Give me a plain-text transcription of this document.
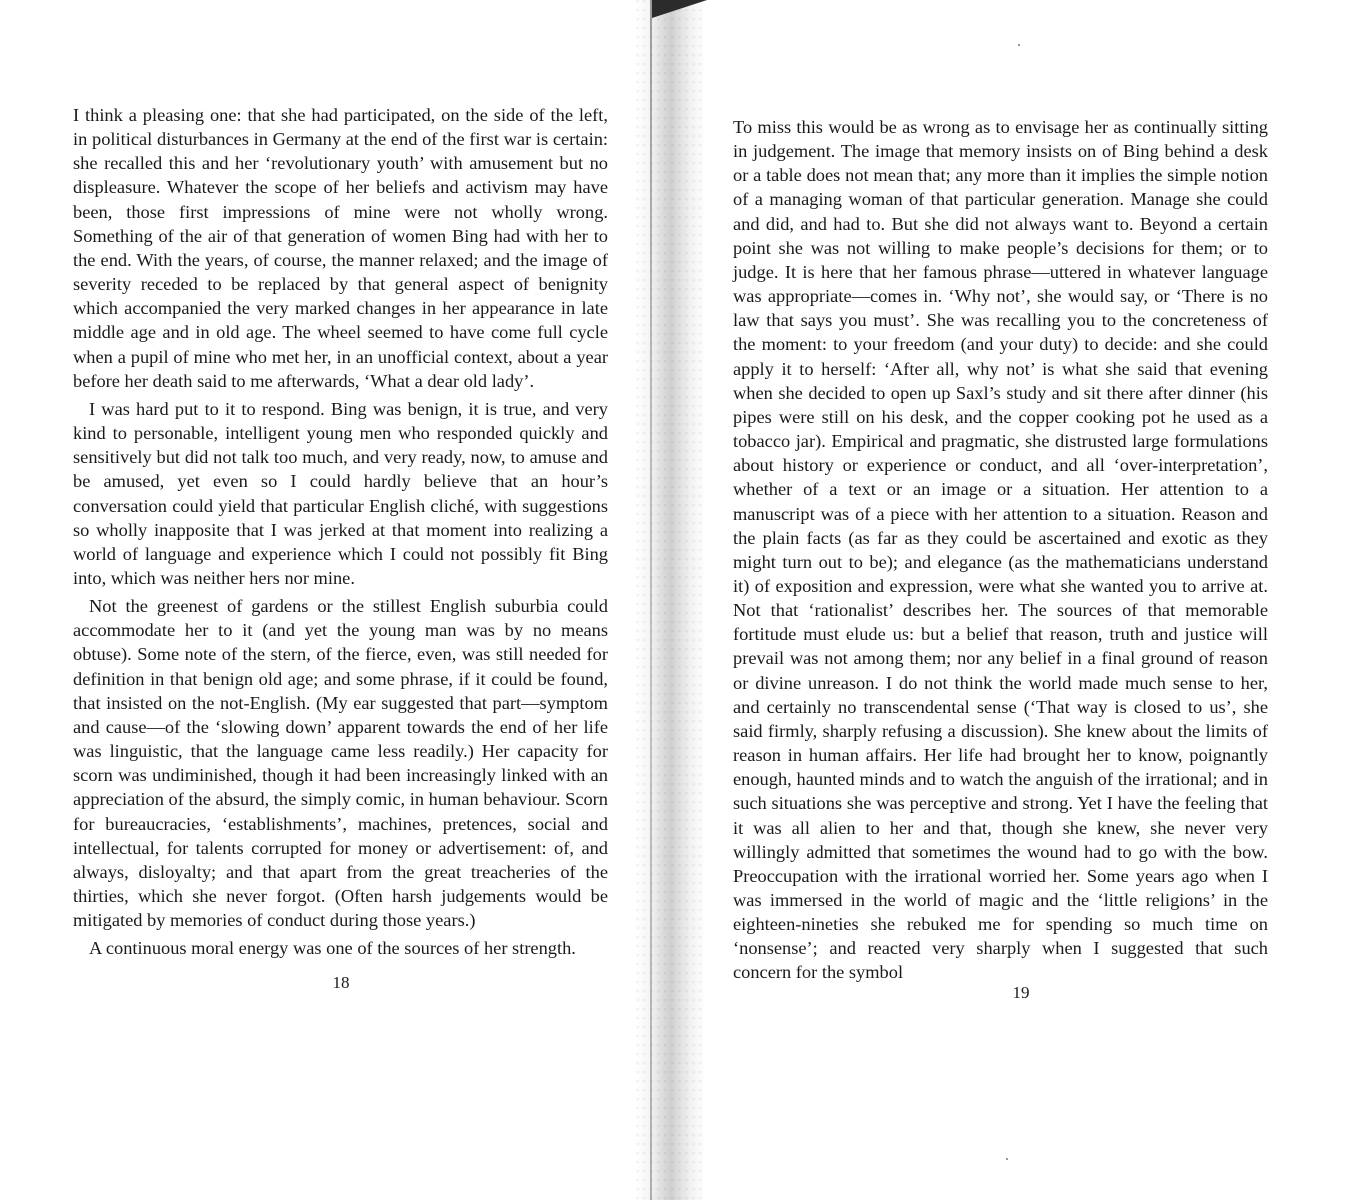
I think a pleasing one: that she had participated, on the side of the left, in political disturbances in Germany at the end of the first war is certain: she recalled this and her ‘revolutionary youth’ with amusement but no displeasure. Whatever the scope of her beliefs and activism may have been, those first impressions of mine were not wholly wrong. Something of the air of that generation of women Bing had with her to the end. With the years, of course, the manner relaxed; and the image of severity receded to be replaced by that general aspect of benignity which accompanied the very marked changes in her appearance in late middle age and in old age. The wheel seemed to have come full cycle when a pupil of mine who met her, in an unofficial context, about a year before her death said to me afterwards, ‘What a dear old lady’.

I was hard put to it to respond. Bing was benign, it is true, and very kind to personable, intelligent young men who responded quickly and sensitively but did not talk too much, and very ready, now, to amuse and be amused, yet even so I could hardly believe that an hour’s conversation could yield that particular English cliché, with suggestions so wholly inapposite that I was jerked at that moment into realizing a world of language and experience which I could not possibly fit Bing into, which was neither hers nor mine.

Not the greenest of gardens or the stillest English suburbia could accommodate her to it (and yet the young man was by no means obtuse). Some note of the stern, of the fierce, even, was still needed for definition in that benign old age; and some phrase, if it could be found, that insisted on the not-English. (My ear suggested that part—symptom and cause—of the ‘slowing down’ apparent towards the end of her life was linguistic, that the language came less readily.) Her capacity for scorn was undiminished, though it had been increasingly linked with an appreciation of the absurd, the simply comic, in human behaviour. Scorn for bureaucracies, ‘establishments’, machines, pretences, social and intellectual, for talents corrupted for money or advertisement: of, and always, disloyalty; and that apart from the great treacheries of the thirties, which she never forgot. (Often harsh judgements would be mitigated by memories of conduct during those years.)

A continuous moral energy was one of the sources of her strength.

18

To miss this would be as wrong as to envisage her as continually sitting in judgement. The image that memory insists on of Bing behind a desk or a table does not mean that; any more than it implies the simple notion of a managing woman of that particular generation. Manage she could and did, and had to. But she did not always want to. Beyond a certain point she was not willing to make people’s decisions for them; or to judge. It is here that her famous phrase—uttered in whatever language was appropriate—comes in. ‘Why not’, she would say, or ‘There is no law that says you must’. She was recalling you to the concreteness of the moment: to your freedom (and your duty) to decide: and she could apply it to herself: ‘After all, why not’ is what she said that evening when she decided to open up Saxl’s study and sit there after dinner (his pipes were still on his desk, and the copper cooking pot he used as a tobacco jar). Empirical and pragmatic, she distrusted large formulations about history or experience or conduct, and all ‘over-interpretation’, whether of a text or an image or a situation. Her attention to a manuscript was of a piece with her attention to a situation. Reason and the plain facts (as far as they could be ascertained and exotic as they might turn out to be); and elegance (as the mathematicians understand it) of exposition and expression, were what she wanted you to arrive at. Not that ‘rationalist’ describes her. The sources of that memorable fortitude must elude us: but a belief that reason, truth and justice will prevail was not among them; nor any belief in a final ground of reason or divine unreason. I do not think the world made much sense to her, and certainly no transcendental sense (‘That way is closed to us’, she said firmly, sharply refusing a discussion). She knew about the limits of reason in human affairs. Her life had brought her to know, poignantly enough, haunted minds and to watch the anguish of the irrational; and in such situations she was perceptive and strong. Yet I have the feeling that it was all alien to her and that, though she knew, she never very willingly admitted that sometimes the wound had to go with the bow. Preoccupation with the irrational worried her. Some years ago when I was immersed in the world of magic and the ‘little religions’ in the eighteen-nineties she rebuked me for spending so much time on ‘nonsense’; and reacted very sharply when I suggested that such concern for the symbol

19
